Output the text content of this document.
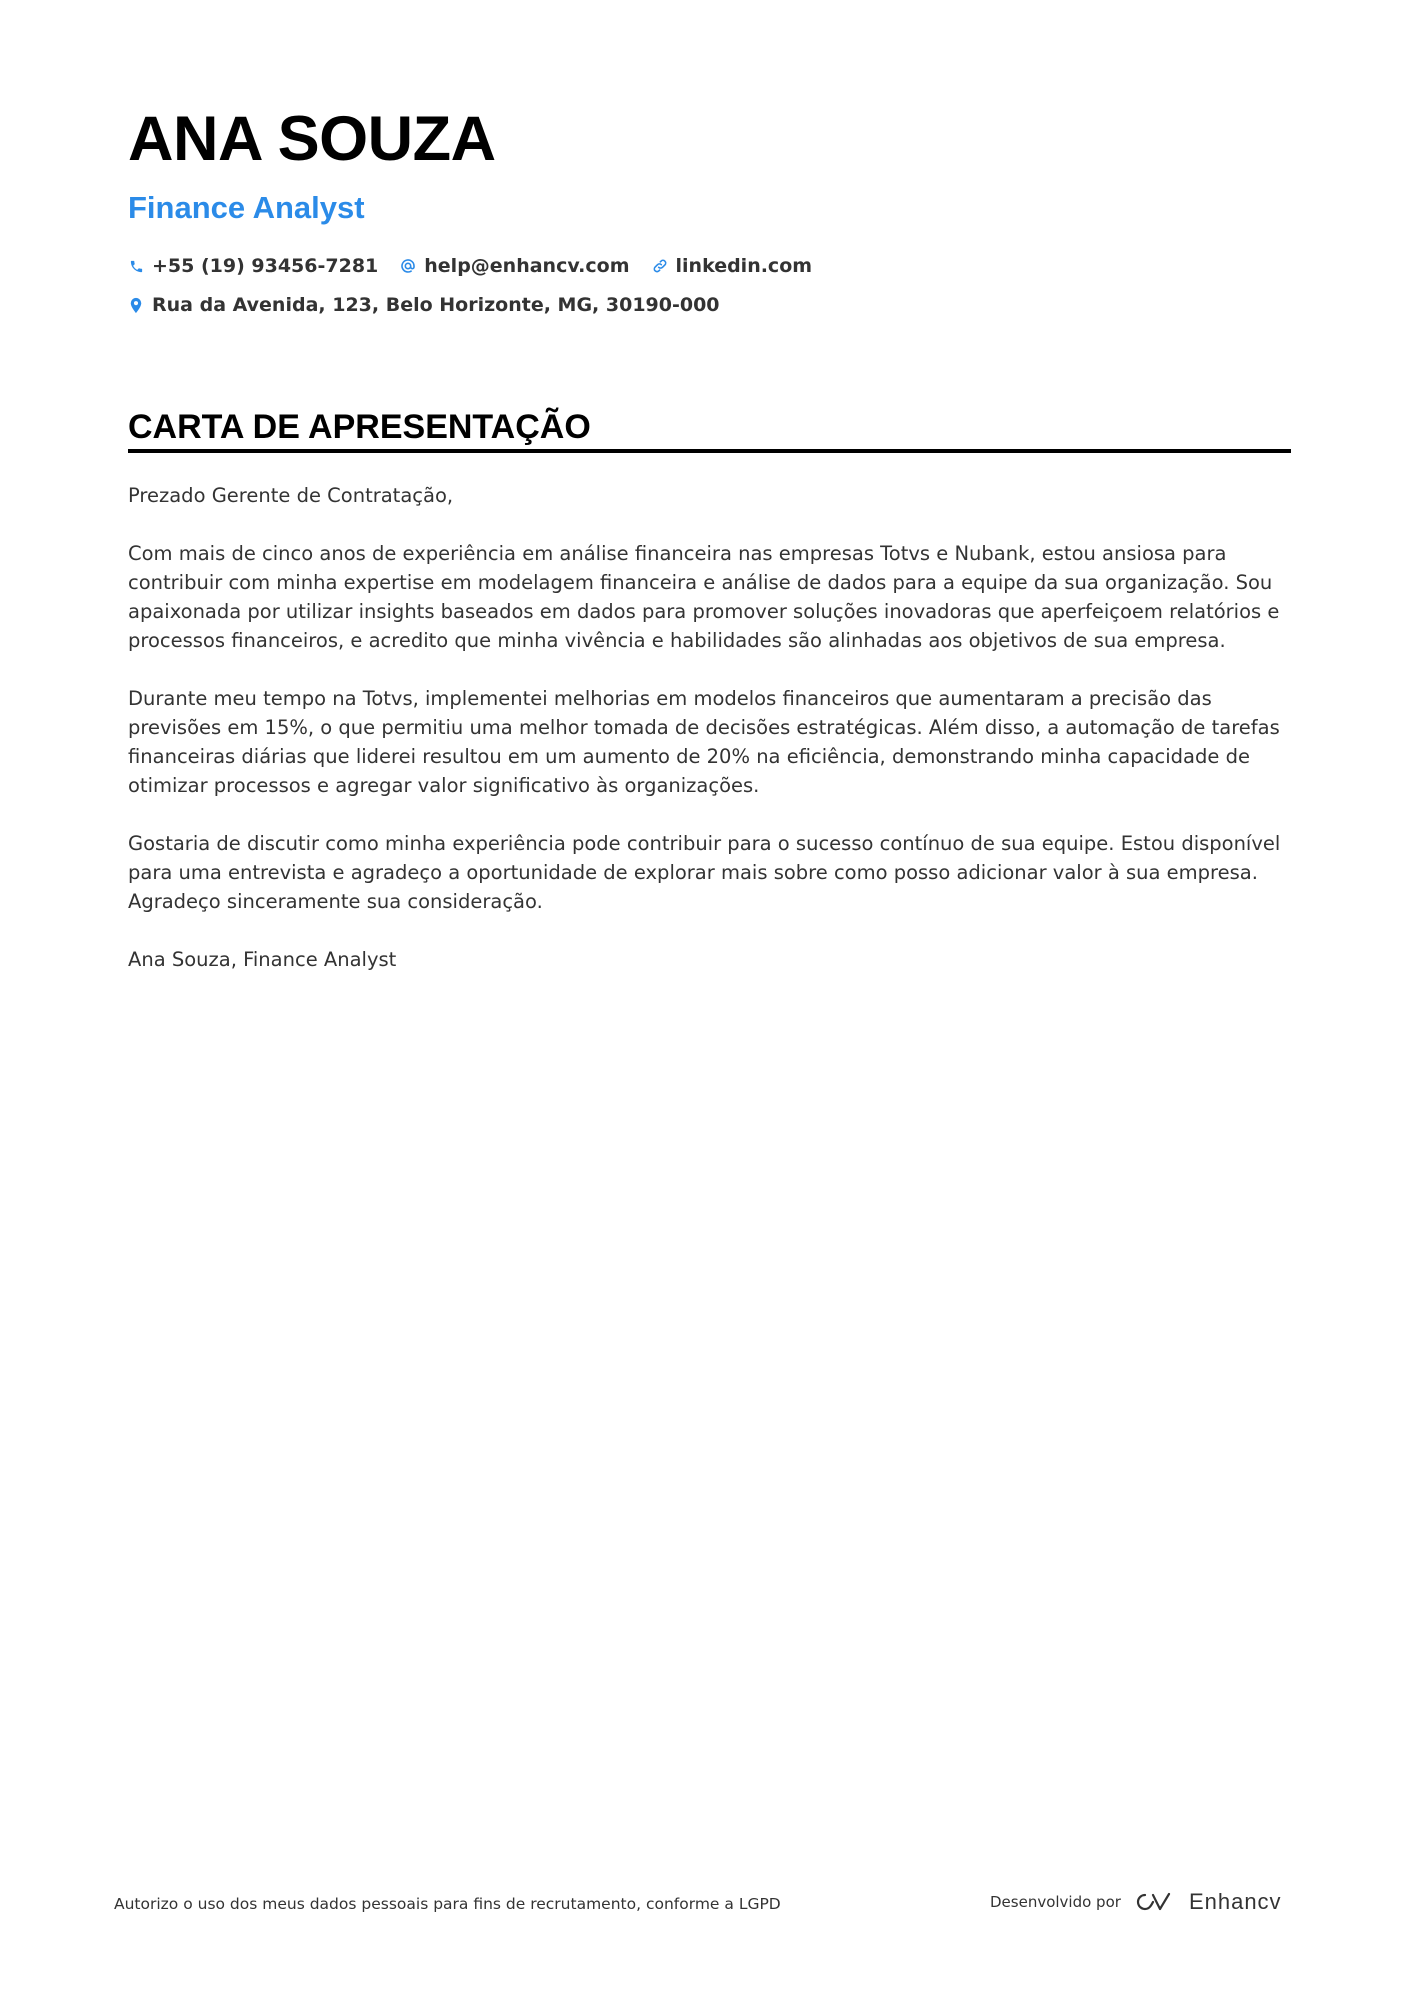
ANA SOUZA
Finance Analyst
+55 (19) 93456-7281 help@enhancv.com linkedin.com
Rua da Avenida, 123, Belo Horizonte, MG, 30190-000
CARTA DE APRESENTAÇÃO

Prezado Gerente de Contratação,

Com mais de cinco anos de experiência em análise financeira nas empresas Totvs e Nubank, estou ansiosa para contribuir com minha expertise em modelagem financeira e análise de dados para a equipe da sua organização. Sou apaixonada por utilizar insights baseados em dados para promover soluções inovadoras que aperfeiçoem relatórios e processos financeiros, e acredito que minha vivência e habilidades são alinhadas aos objetivos de sua empresa.

Durante meu tempo na Totvs, implementei melhorias em modelos financeiros que aumentaram a precisão das previsões em 15%, o que permitiu uma melhor tomada de decisões estratégicas. Além disso, a automação de tarefas financeiras diárias que liderei resultou em um aumento de 20% na eficiência, demonstrando minha capacidade de otimizar processos e agregar valor significativo às organizações.

Gostaria de discutir como minha experiência pode contribuir para o sucesso contínuo de sua equipe. Estou disponível para uma entrevista e agradeço a oportunidade de explorar mais sobre como posso adicionar valor à sua empresa. Agradeço sinceramente sua consideração.

Ana Souza, Finance Analyst

Autorizo o uso dos meus dados pessoais para fins de recrutamento, conforme a LGPD	Desenvolvido por	Enhancv
